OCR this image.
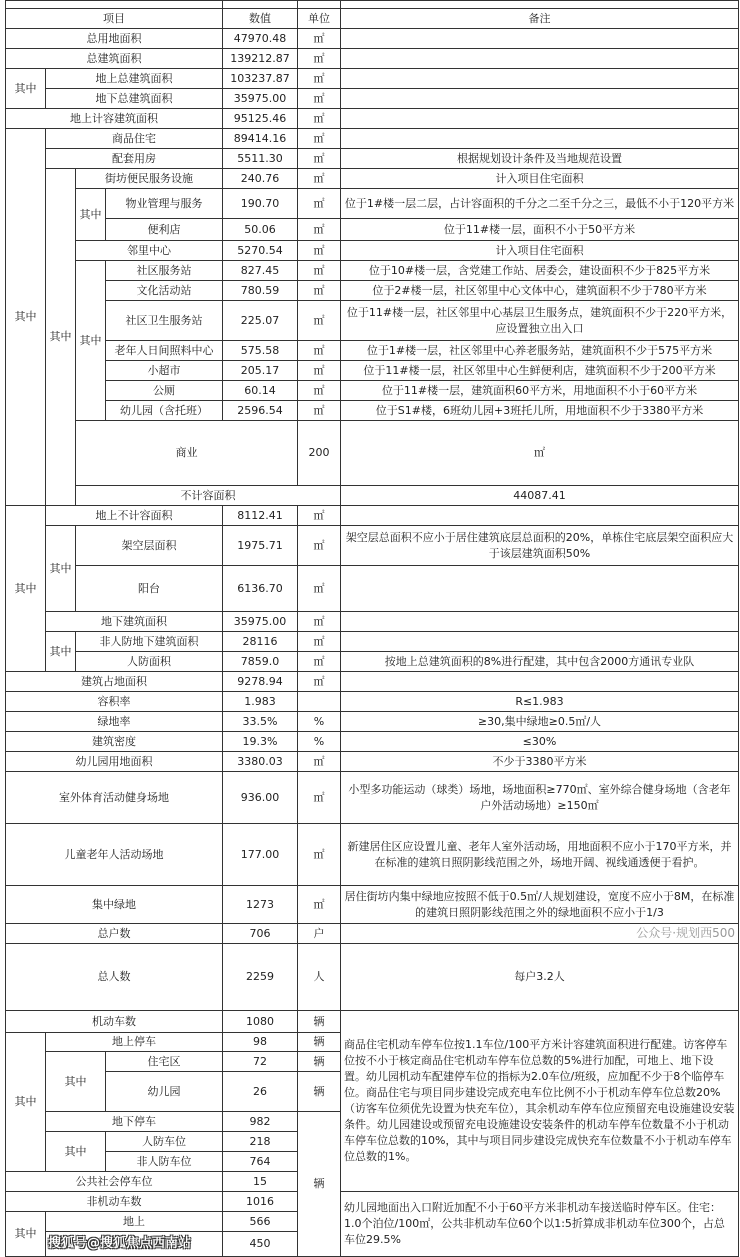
项目				数值	单位	备注	
总用地面积				47970.48	㎡		
总建筑面积				139212.87	㎡		
其中	地上总建筑面积			103237.87	㎡		
	地下总建筑面积			35975.00	㎡		
地上计容建筑面积				95125.46	㎡		
其中	商品住宅			89414.16	㎡		
	配套用房			5511.30	㎡	根据规划设计条件及当地规范设置	
	其中	街坊便民服务设施		240.76	㎡	计入项目住宅面积	
		其中	物业管理与服务	190.70	㎡	位于1#楼一层二层，占计容面积的千分之二至千分之三，最低不小于120平方米	
			便利店	50.06	㎡	位于11#楼一层，面积不小于50平方米	
		邻里中心		5270.54	㎡	计入项目住宅面积	
		其中	社区服务站	827.45	㎡	位于10#楼一层，含党建工作站、居委会，建设面积不少于825平方米	
			文化活动站	780.59	㎡	位于2#楼一层，社区邻里中心文体中心，建筑面积不少于780平方米	
			社区卫生服务站	225.07	㎡	位于11#楼一层，社区邻里中心基层卫生服务点，建筑面积不少于220平方米，应设置独立出入口	
			老年人日间照料中心	575.58	㎡	位于1#楼一层，社区邻里中心养老服务站，建筑面积不少于575平方米	
			小超市	205.17	㎡	位于11#楼一层，社区邻里中心生鲜便利店，建筑面积不少于200平方米	
			公厕	60.14	㎡	位于11#楼一层，建筑面积60平方米，用地面积不小于60平方米	
			幼儿园（含托班）	2596.54	㎡	位于S1#楼，6班幼儿园+3班托儿所，用地面积不少于3380平方米	
		商业			200	㎡	
		不计容面积				44087.41		
其中	地上不计容面积			8112.41	㎡		
	其中	架空层面积		1975.71	㎡	架空层总面积不应小于居住建筑底层总面积的20%，单栋住宅底层架空面积应大于该层建筑面积50%	
		阳台		6136.70	㎡		
	地下建筑面积			35975.00	㎡		
	其中	非人防地下建筑面积		28116	㎡		
		人防面积		7859.0	㎡	按地上总建筑面积的8%进行配建，其中包含2000方通讯专业队	
建筑占地面积				9278.94	㎡		
容积率				1.983		R≤1.983	
绿地率				33.5%	%	≥30,集中绿地≥0.5㎡/人	
建筑密度				19.3%	%	≤30%	
幼儿园用地面积				3380.03	㎡	不少于3380平方米	
室外体育活动健身场地				936.00	㎡	小型多功能运动（球类）场地，场地面积≥770㎡、室外综合健身场地（含老年户外活动场地）≥150㎡	
儿童老年人活动场地				177.00	㎡	新建居住区应设置儿童、老年人室外活动场，用地面积不应小于170平方米，并在标准的建筑日照阴影线范围之外，场地开阔、视线通透便于看护。	
集中绿地				1273	㎡	居住街坊内集中绿地应按照不低于0.5㎡/人规划建设，宽度不应小于8M，在标准的建筑日照阴影线范围之外的绿地面积不应小于1/3	
总户数				706	户	公众号·规划西500	
总人数				2259	人	每户3.2人	
机动车数				1080	辆	商品住宅机动车停车位按1.1车位/100平方米计容建筑面积进行配建。访客停车位按不小于核定商品住宅机动车停车位总数的5%进行加配，可地上、地下设置。幼儿园机动车配建停车位的指标为2.0车位/班级，应加配不少于8个临停车位。商品住宅与项目同步建设完成充电车位比例不小于机动车停车位总数20%（访客车位须优先设置为快充车位），其余机动车停车位应预留充电设施建设安装条件。幼儿园建设或预留充电设施建设安装条件的机动车停车位数量不小于机动车停车位总数的10%，其中与项目同步建设完成快充车位数量不小于机动车停车位总数的1%。	
其中	地上停车			98	辆		
	其中		住宅区	72	辆		
			幼儿园	26	辆		
	地下停车			982	辆		
	其中		人防车位	218			
			非人防车位	764			
公共社会停车位				15			
非机动车数				1016		幼儿园地面出入口附近加配不小于60平方米非机动车接送临时停车区。住宅：1.0个泊位/100㎡，公共非机动车位60个以1:5折算成非机动车位300个，占总车位29.5%	
其中	地上			566			
	搜狐号@搜狐焦点西南站			450			
